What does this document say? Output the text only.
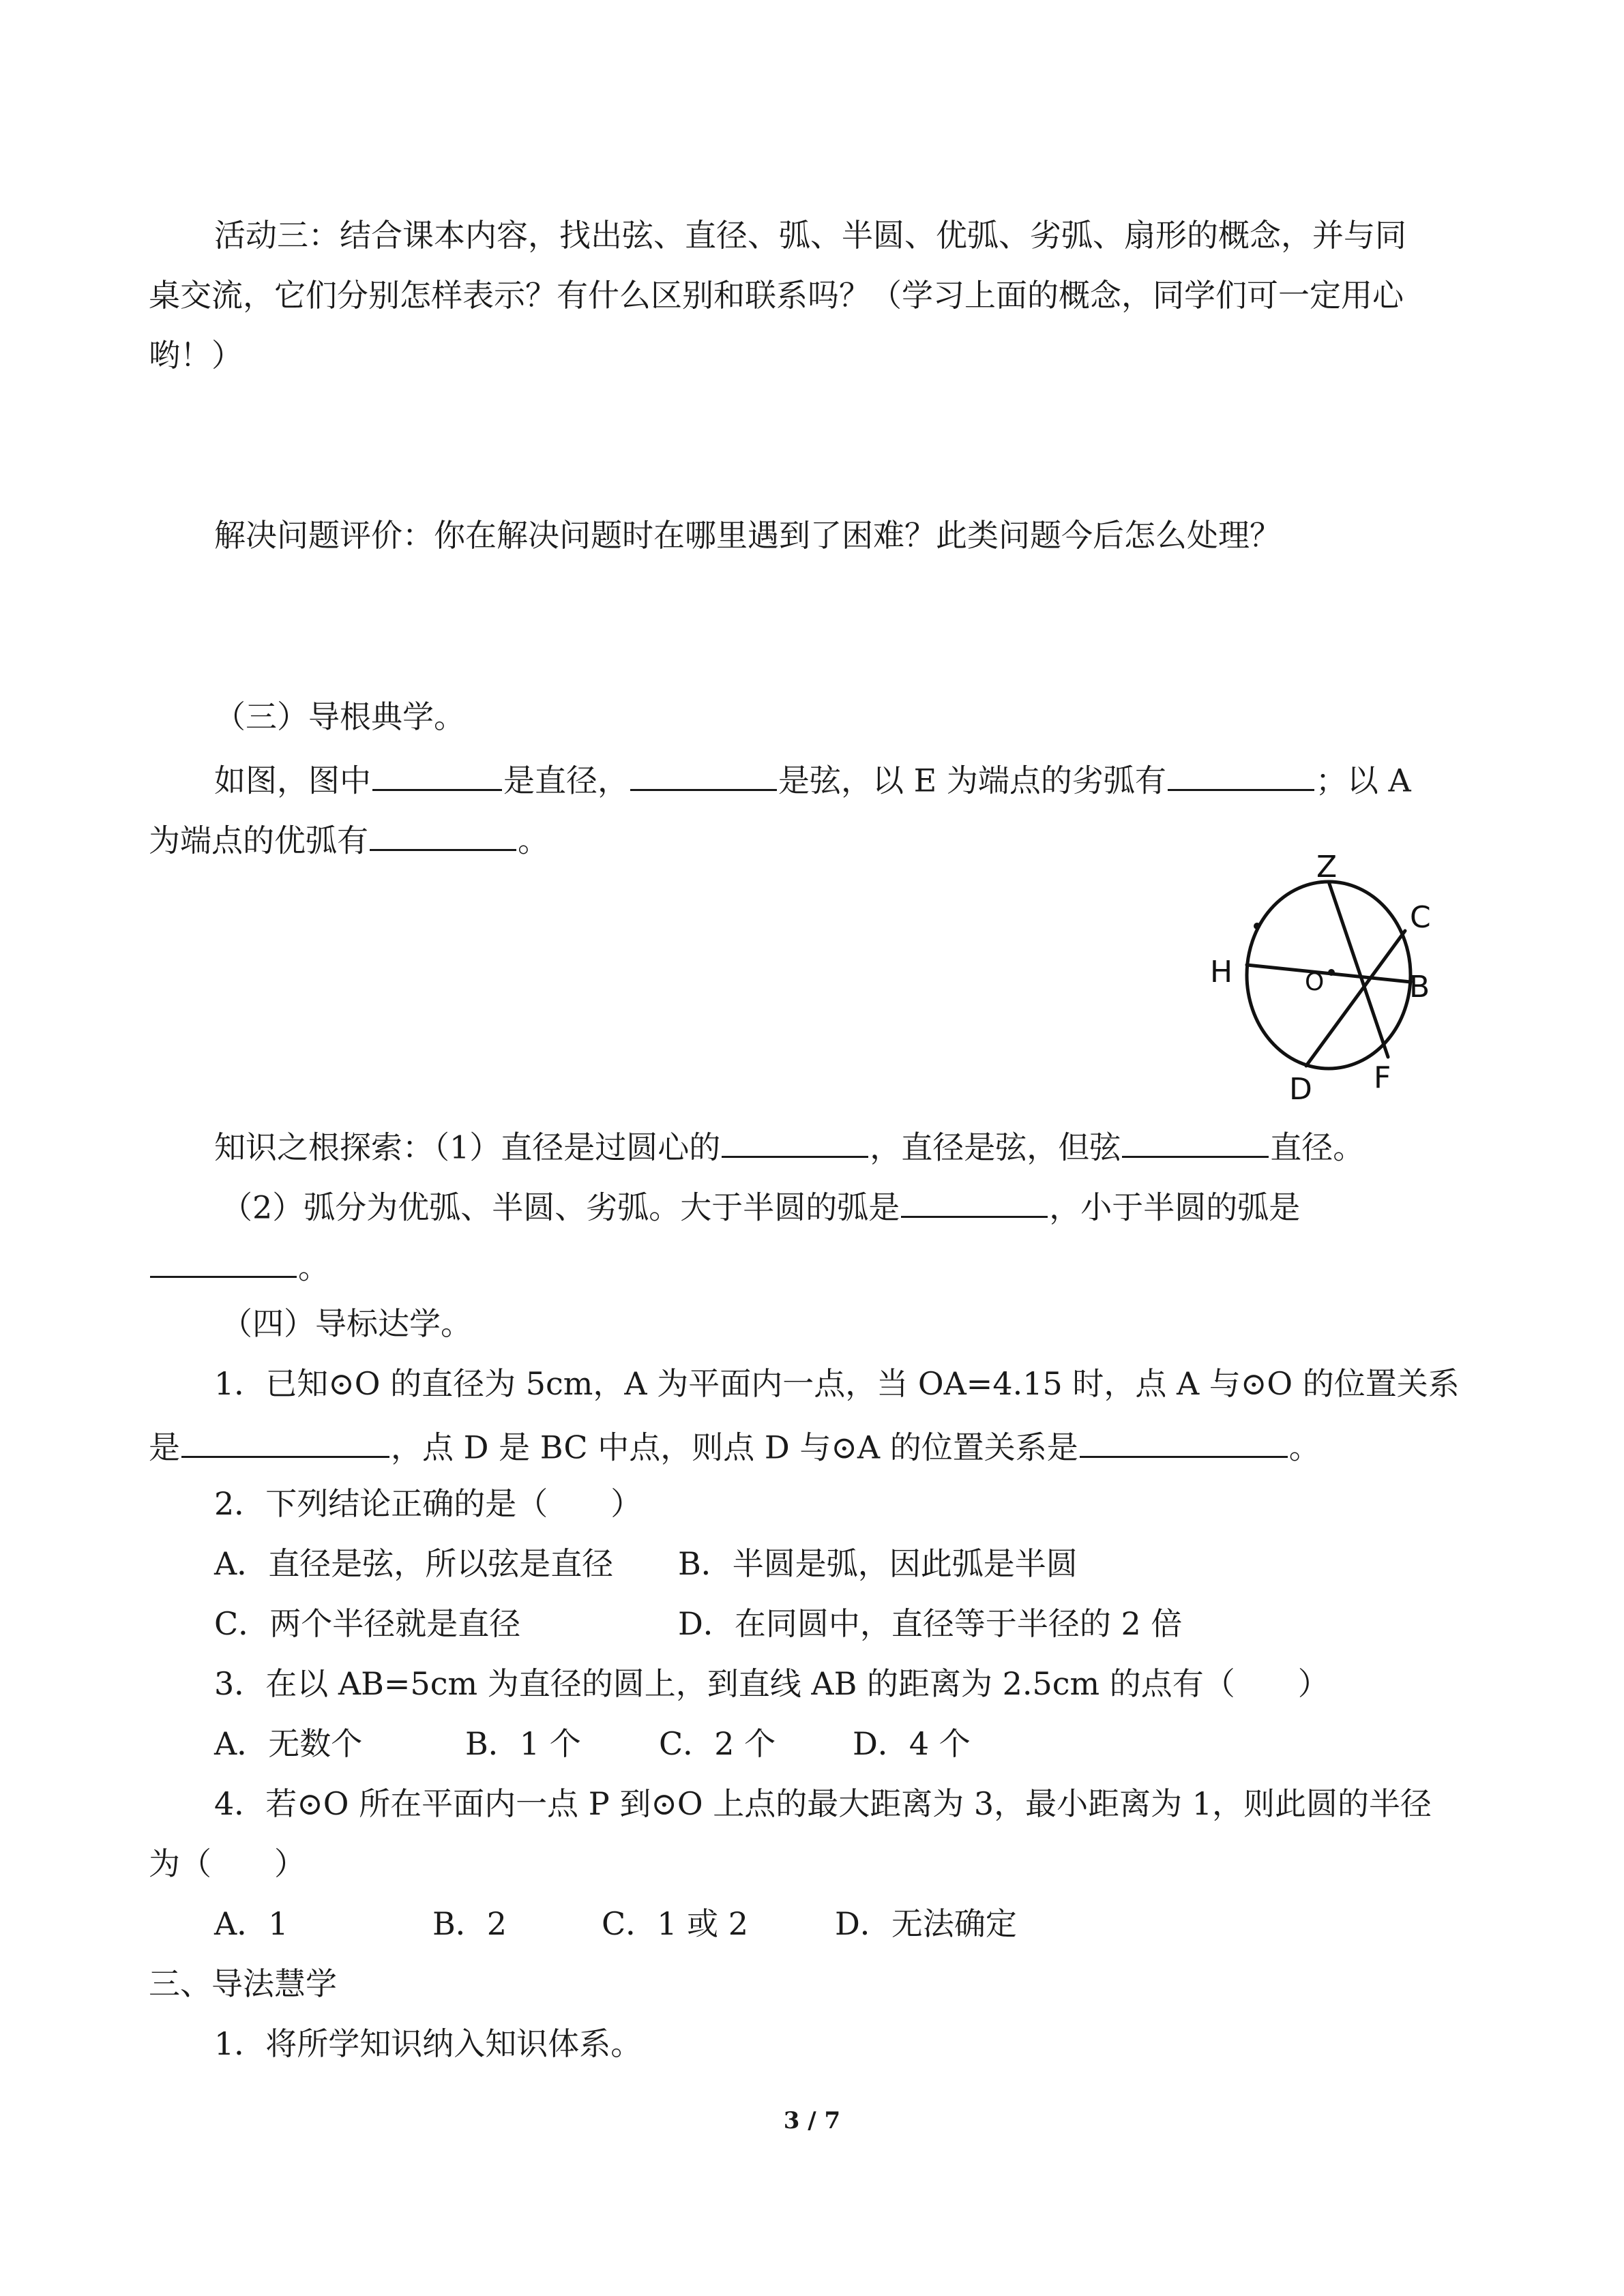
活动三：结合课本内容，找出弦、直径、弧、半圆、优弧、劣弧、扇形的概念，并与同
桌交流，它们分别怎样表示？有什么区别和联系吗？（学习上面的概念，同学们可一定用心
哟！）
解决问题评价：你在解决问题时在哪里遇到了困难？此类问题今后怎么处理？
（三）导根典学。
如图，图中	是直径，	是弦，以 E 为端点的劣弧有	；以 A
为端点的优弧有	。
Z
C
H	O	B
F
D
知识之根探索：（1）直径是过圆心的	，直径是弦，但弦	直径。
（2）弧分为优弧、半圆、劣弧。大于半圆的弧是	，小于半圆的弧是
。
（四）导标达学。
1．已知⊙O 的直径为 5cm，A 为平面内一点，当 OA=4.15 时，点 A 与⊙O 的位置关系
是	，点 D 是 BC 中点，则点 D 与⊙A 的位置关系是	。
2．下列结论正确的是（　　）
A．直径是弦，所以弦是直径 B．半圆是弧，因此弧是半圆
C．两个半径就是直径	D．在同圆中，直径等于半径的 2 倍
3．在以 AB=5cm 为直径的圆上，到直线 AB 的距离为 2.5cm 的点有（　　）
A．无数个	B．1 个 C．2 个 D．4 个
4．若⊙O 所在平面内一点 P 到⊙O 上点的最大距离为 3，最小距离为 1，则此圆的半径
为（　　）
A．1	B．2	C．1 或 2	D．无法确定
三、导法慧学
1．将所学知识纳入知识体系。
3 / 7
